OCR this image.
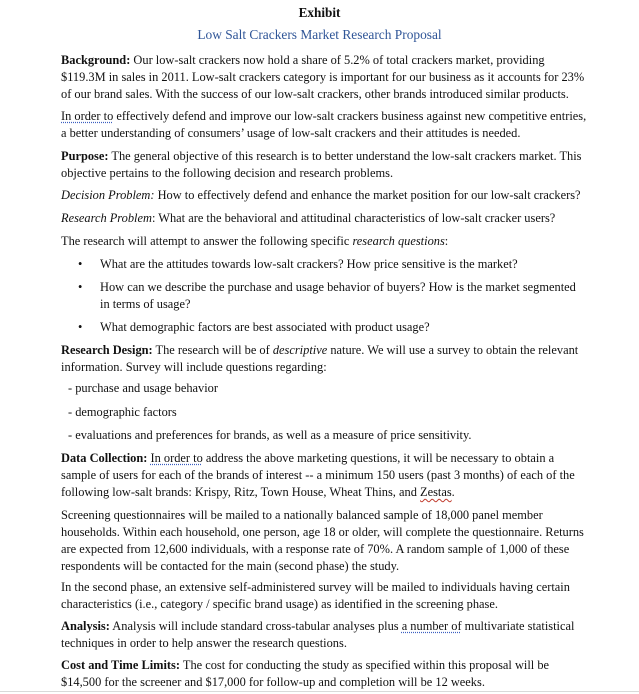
Exhibit
Low Salt Crackers Market Research Proposal
Background: Our low-salt crackers now hold a share of 5.2% of total crackers market, providing
$119.3M in sales in 2011. Low-salt crackers category is important for our business as it accounts for 23%
of our brand sales. With the success of our low-salt crackers, other brands introduced similar products.
In order to effectively defend and improve our low-salt crackers business against new competitive entries,
a better understanding of consumers’ usage of low-salt crackers and their attitudes is needed.
Purpose: The general objective of this research is to better understand the low-salt crackers market. This
objective pertains to the following decision and research problems.
Decision Problem: How to effectively defend and enhance the market position for our low-salt crackers?
Research Problem: What are the behavioral and attitudinal characteristics of low-salt cracker users?
The research will attempt to answer the following specific research questions:
• What are the attitudes towards low-salt crackers? How price sensitive is the market?
• How can we describe the purchase and usage behavior of buyers? How is the market segmented
in terms of usage?
• What demographic factors are best associated with product usage?
Research Design: The research will be of descriptive nature. We will use a survey to obtain the relevant
information. Survey will include questions regarding:
- purchase and usage behavior
- demographic factors
- evaluations and preferences for brands, as well as a measure of price sensitivity.
Data Collection: In order to address the above marketing questions, it will be necessary to obtain a
sample of users for each of the brands of interest -- a minimum 150 users (past 3 months) of each of the
following low-salt brands: Krispy, Ritz, Town House, Wheat Thins, and Zestas.
Screening questionnaires will be mailed to a nationally balanced sample of 18,000 panel member
households. Within each household, one person, age 18 or older, will complete the questionnaire. Returns
are expected from 12,600 individuals, with a response rate of 70%. A random sample of 1,000 of these
respondents will be contacted for the main (second phase) the study.
In the second phase, an extensive self-administered survey will be mailed to individuals having certain
characteristics (i.e., category / specific brand usage) as identified in the screening phase.
Analysis: Analysis will include standard cross-tabular analyses plus a number of multivariate statistical
techniques in order to help answer the research questions.
Cost and Time Limits: The cost for conducting the study as specified within this proposal will be
$14,500 for the screener and $17,000 for follow-up and completion will be 12 weeks.
